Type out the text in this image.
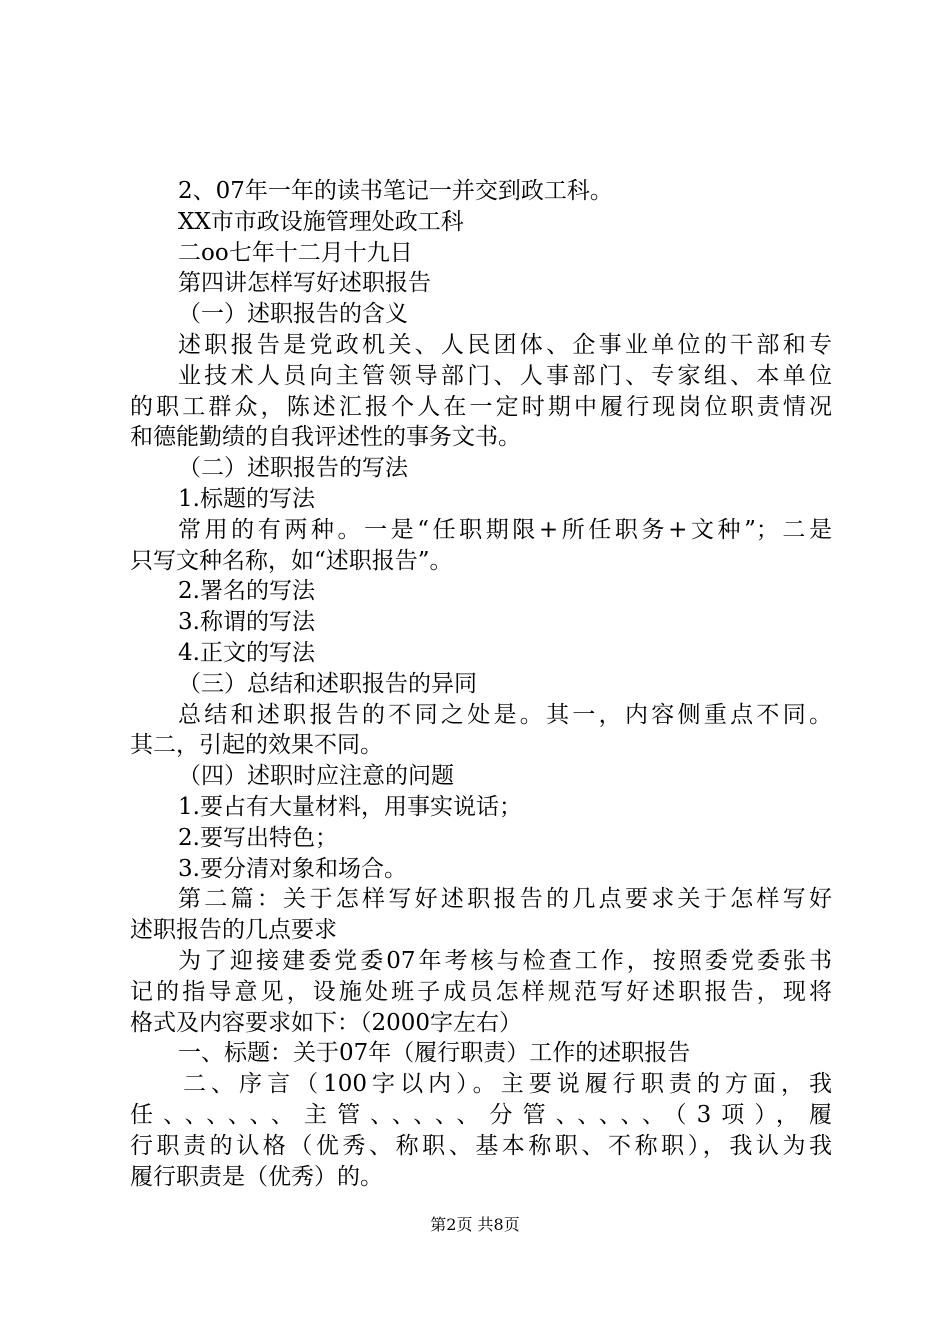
2、07年一年的读书笔记一并交到政工科。
XX市市政设施管理处政工科
二oo七年十二月十九日
第四讲怎样写好述职报告
（一）述职报告的含义
述职报告是党政机关、人民团体、企事业单位的干部和专
业技术人员向主管领导部门、人事部门、专家组、本单位
的职工群众，陈述汇报个人在一定时期中履行现岗位职责情况
和德能勤绩的自我评述性的事务文书。
（二）述职报告的写法
1.标题的写法
常用的有两种。一是“任职期限+所任职务+文种”；二是
只写文种名称，如“述职报告”。
2.署名的写法
3.称谓的写法
4.正文的写法
（三）总结和述职报告的异同
总结和述职报告的不同之处是。其一，内容侧重点不同。
其二，引起的效果不同。
（四）述职时应注意的问题
1.要占有大量材料，用事实说话；
2.要写出特色；
3.要分清对象和场合。
第二篇：关于怎样写好述职报告的几点要求关于怎样写好
述职报告的几点要求
为了迎接建委党委07年考核与检查工作，按照委党委张书
记的指导意见，设施处班子成员怎样规范写好述职报告，现将
格式及内容要求如下：（2000字左右）
一、标题：关于07年（履行职责）工作的述职报告
二、序言（100字以内）。主要说履行职责的方面，我
任、、、、、、主管、、、、、分管、、、、、（3项），履
行职责的认格（优秀、称职、基本称职、不称职），我认为我
履行职责是（优秀）的。
第2页 共8页
